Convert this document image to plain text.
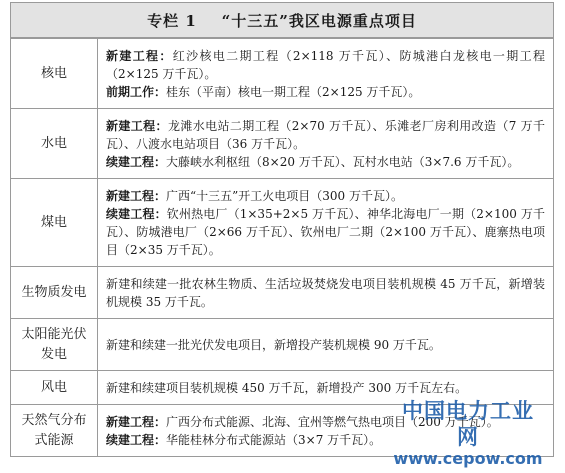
专栏 1    “十三五”我区电源重点项目
核电	新建工程：红沙核电二期工程（2×118 万千瓦）、防城港白龙核电一期工程（2×125 万千瓦）。
前期工作：桂东（平南）核电一期工程（2×125 万千瓦）。

水电	新建工程：龙滩水电站二期工程（2×70 万千瓦）、乐滩老厂房利用改造（7 万千瓦）、八渡水电站项目（36 万千瓦）。
续建工程：大藤峡水利枢纽（8×20 万千瓦）、瓦村水电站（3×7.6 万千瓦）。

煤电	新建工程：广西“十三五”开工火电项目（300 万千瓦）。
续建工程：钦州热电厂（1×35+2×5 万千瓦）、神华北海电厂一期（2×100 万千瓦）、防城港电厂（2×66 万千瓦）、钦州电厂二期（2×100 万千瓦）、鹿寨热电项目（2×35 万千瓦）。

生物质发电	新建和续建一批农林生物质、生活垃圾焚烧发电项目装机规模 45 万千瓦，新增装机规模 35 万千瓦。

太阳能光伏发电	新建和续建一批光伏发电项目，新增投产装机规模 90 万千瓦。

风电	新建和续建项目装机规模 450 万千瓦，新增投产 300 万千瓦左右。

天然气分布式能源	新建工程：广西分布式能源、北海、宜州等燃气热电项目（200 万千瓦）。
续建工程：华能桂林分布式能源站（3×7 万千瓦）。
中国电力工业网
www.cepow.com
